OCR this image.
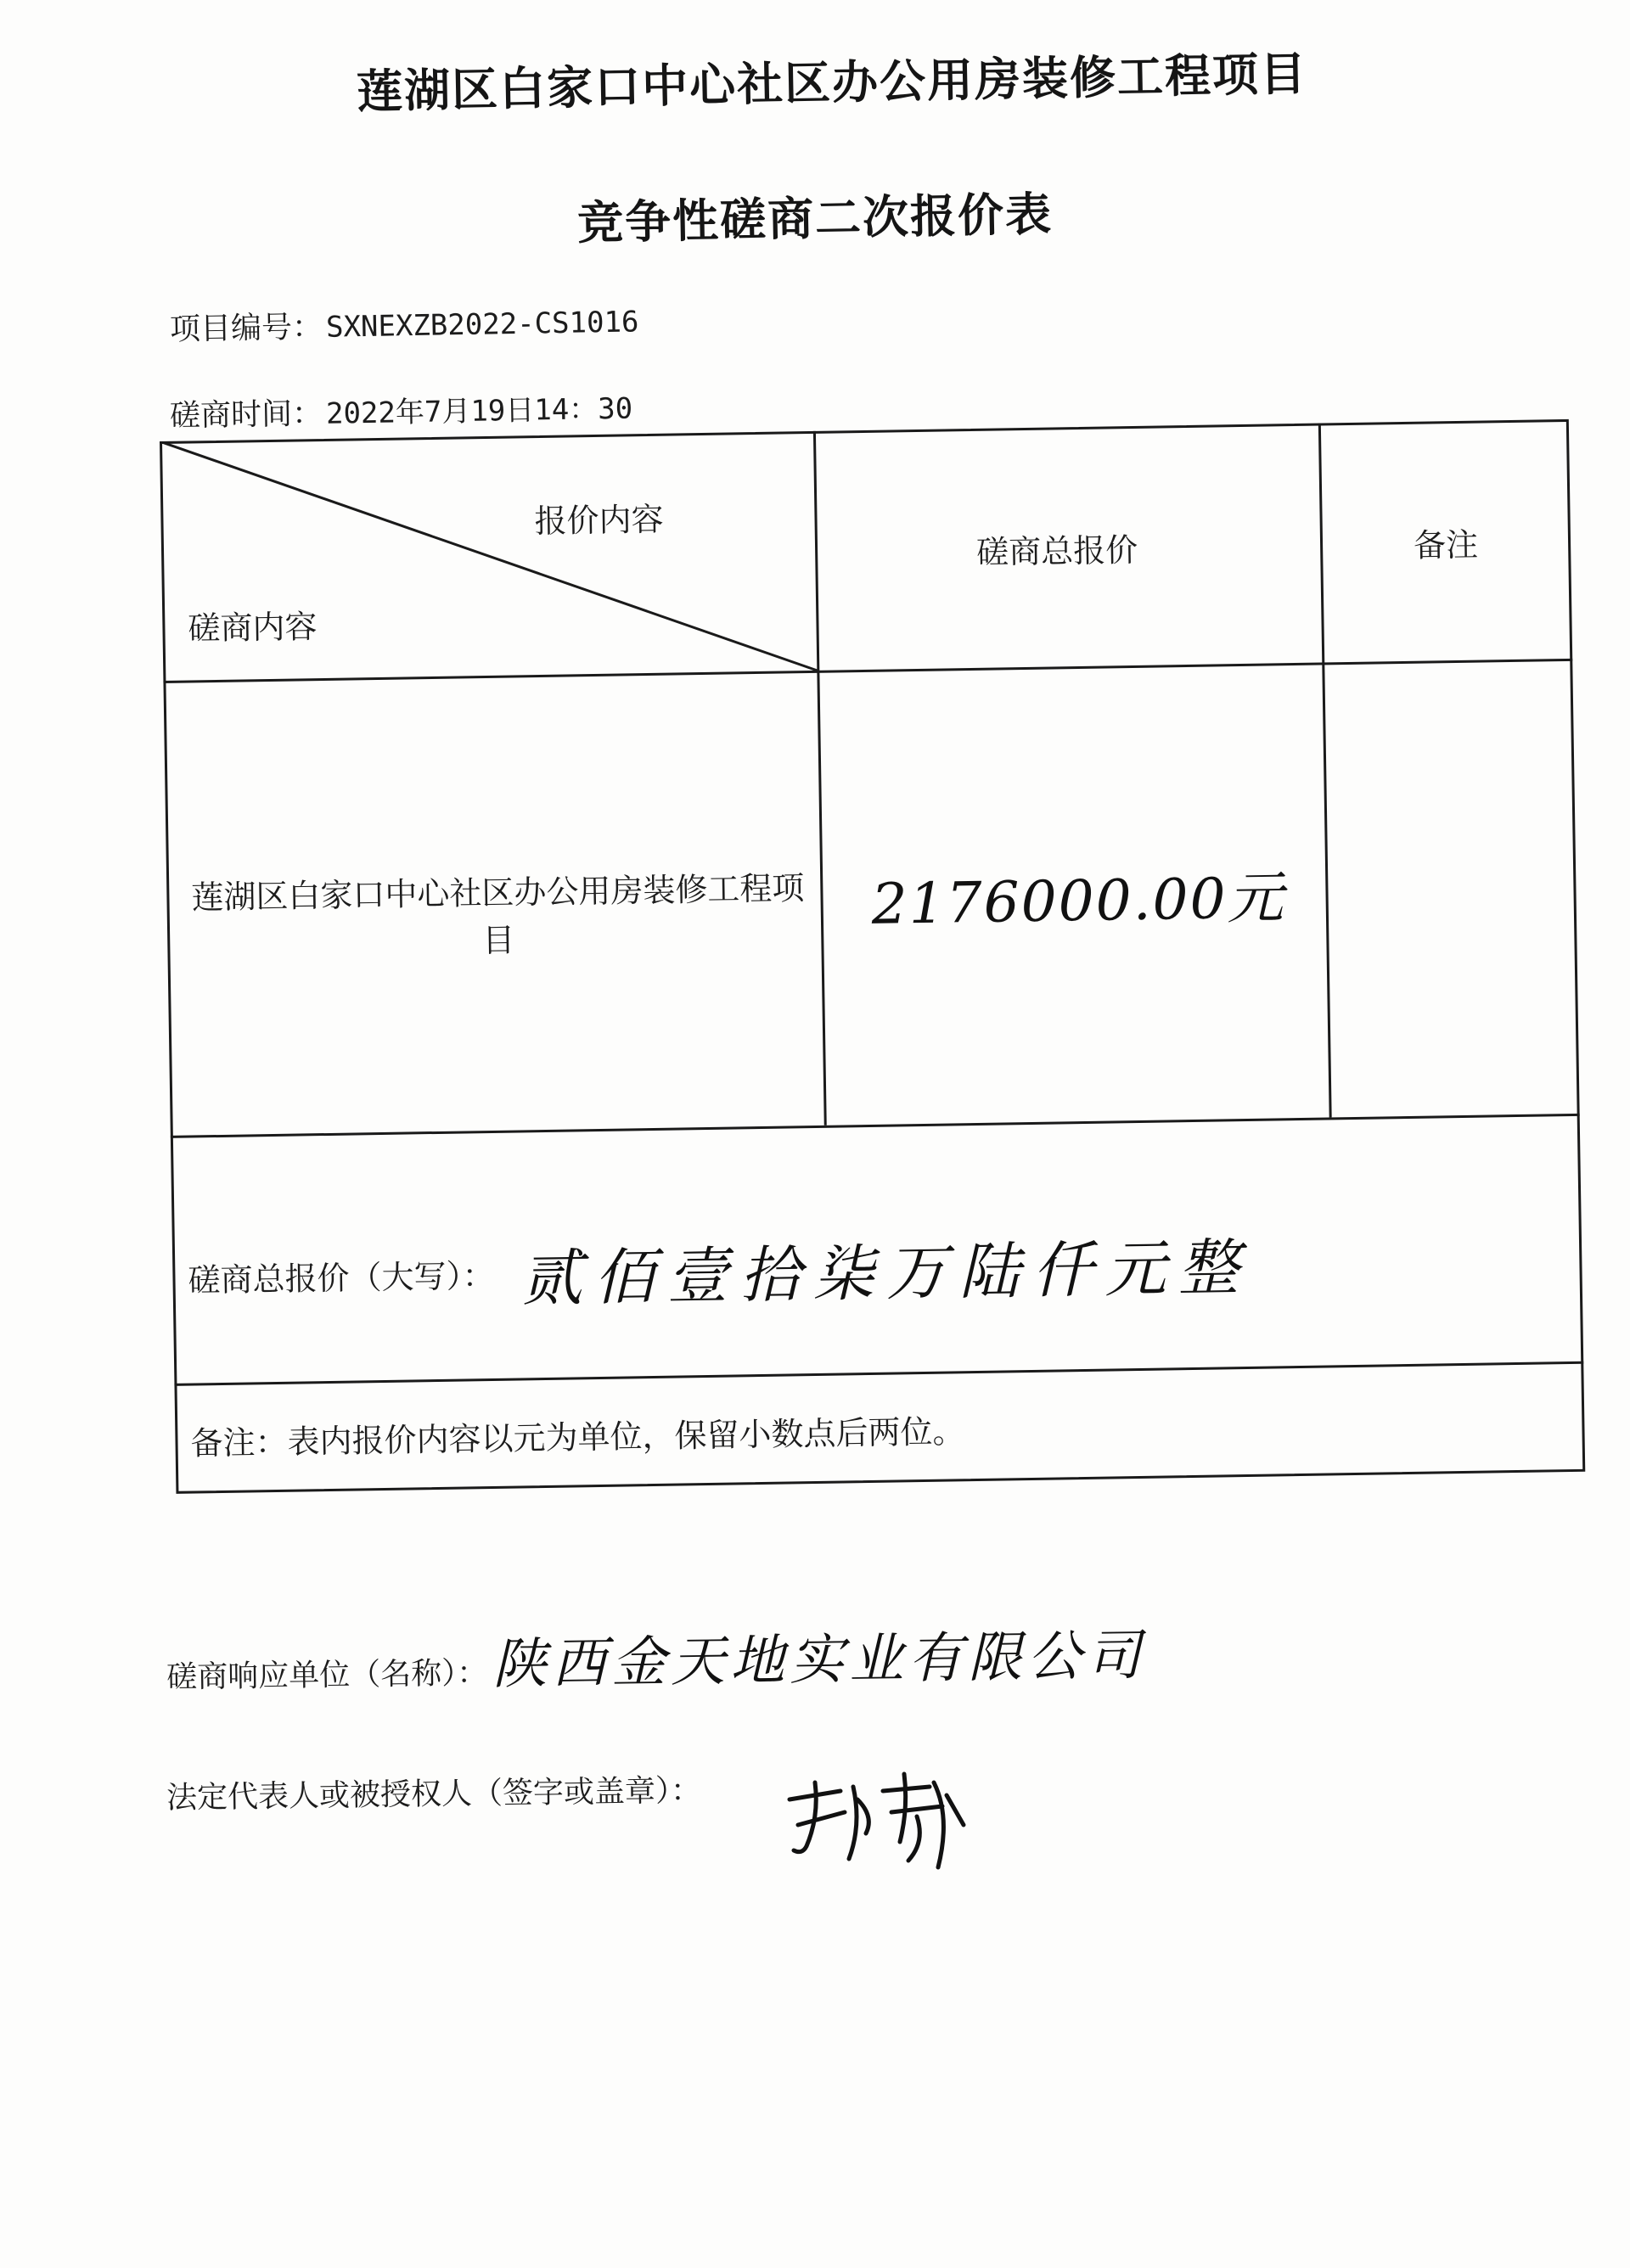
莲湖区白家口中心社区办公用房装修工程项目
竞争性磋商二次报价表
项目编号：SXNEXZB2022-CS1016
磋商时间：2022年7月19日14：30
报价内容
磋商内容
磋商总报价	备注
莲湖区白家口中心社区办公用房装修工程项目
2176000.00元
磋商总报价（大写）： 贰佰壹拾柒万陆仟元整
备注：表内报价内容以元为单位，保留小数点后两位。
磋商响应单位（名称）：陕西金天地实业有限公司
法定代表人或被授权人（签字或盖章）：
